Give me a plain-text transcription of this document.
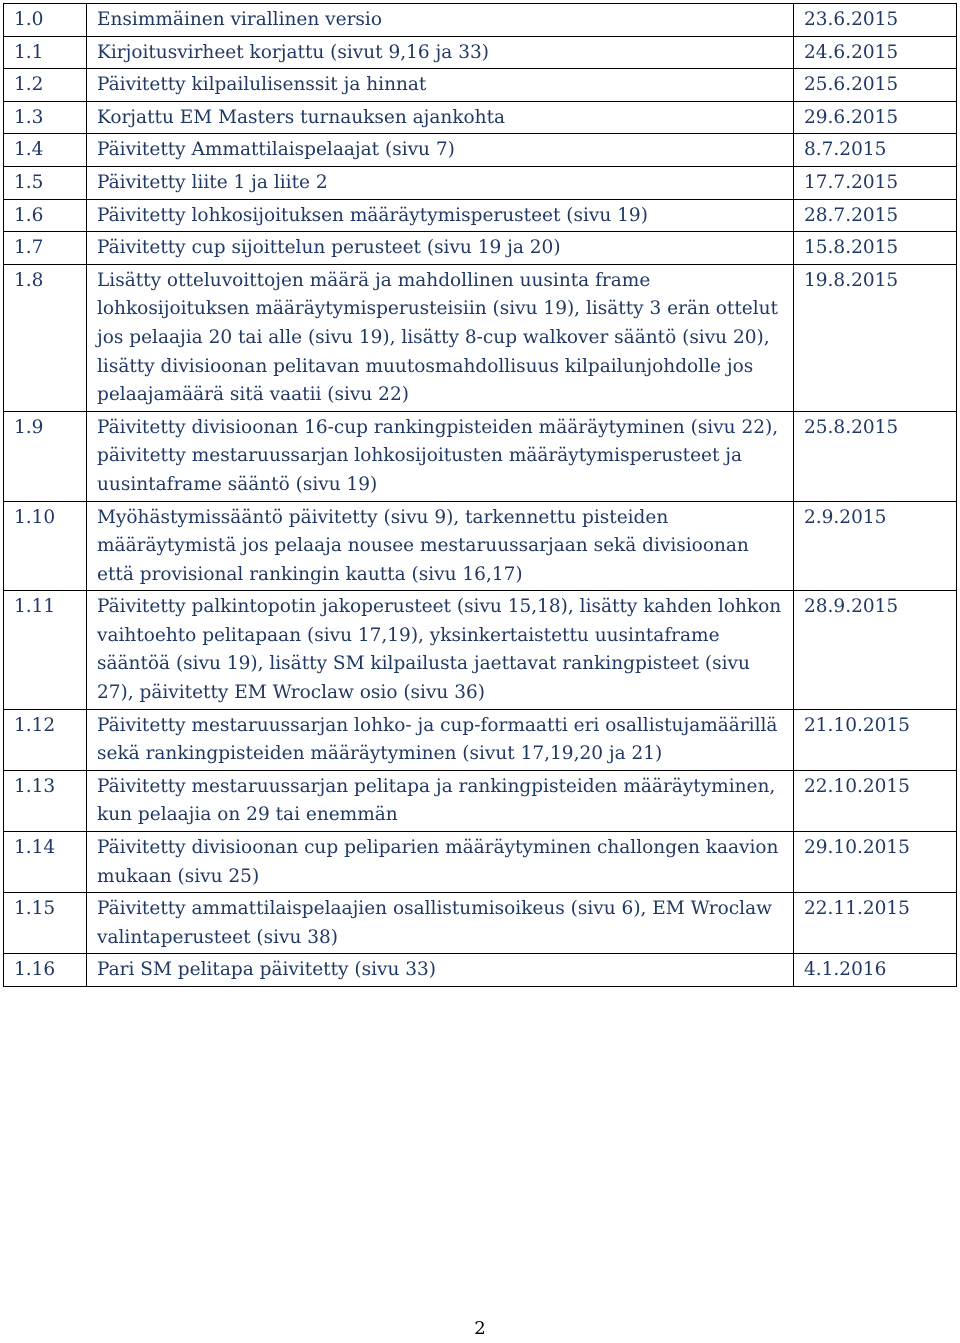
1.0	Ensimmäinen virallinen versio	23.6.2015
1.1	Kirjoitusvirheet korjattu (sivut 9,16 ja 33)	24.6.2015
1.2	Päivitetty kilpailulisenssit ja hinnat	25.6.2015
1.3	Korjattu EM Masters turnauksen ajankohta	29.6.2015
1.4	Päivitetty Ammattilaispelaajat (sivu 7)	8.7.2015
1.5	Päivitetty liite 1 ja liite 2	17.7.2015
1.6	Päivitetty lohkosijoituksen määräytymisperusteet (sivu 19)	28.7.2015
1.7	Päivitetty cup sijoittelun perusteet (sivu 19 ja 20)	15.8.2015
1.8	Lisätty otteluvoittojen määrä ja mahdollinen uusinta frame lohkosijoituksen määräytymisperusteisiin (sivu 19), lisätty 3 erän ottelut jos pelaajia 20 tai alle (sivu 19), lisätty 8-cup walkover sääntö (sivu 20), lisätty divisioonan pelitavan muutosmahdollisuus kilpailunjohdolle jos pelaajamäärä sitä vaatii (sivu 22)	19.8.2015
1.9	Päivitetty divisioonan 16-cup rankingpisteiden määräytyminen (sivu 22), päivitetty mestaruussarjan lohkosijoitusten määräytymisperusteet ja uusintaframe sääntö (sivu 19)	25.8.2015
1.10	Myöhästymissääntö päivitetty (sivu 9), tarkennettu pisteiden määräytymistä jos pelaaja nousee mestaruussarjaan sekä divisioonan että provisional rankingin kautta (sivu 16,17)	2.9.2015
1.11	Päivitetty palkintopotin jakoperusteet (sivu 15,18), lisätty kahden lohkon vaihtoehto pelitapaan (sivu 17,19), yksinkertaistettu uusintaframe sääntöä (sivu 19), lisätty SM kilpailusta jaettavat rankingpisteet (sivu 27), päivitetty EM Wroclaw osio (sivu 36)	28.9.2015
1.12	Päivitetty mestaruussarjan lohko- ja cup-formaatti eri osallistujamäärillä sekä rankingpisteiden määräytyminen (sivut 17,19,20 ja 21)	21.10.2015
1.13	Päivitetty mestaruussarjan pelitapa ja rankingpisteiden määräytyminen, kun pelaajia on 29 tai enemmän	22.10.2015
1.14	Päivitetty divisioonan cup peliparien määräytyminen challongen kaavion mukaan (sivu 25)	29.10.2015
1.15	Päivitetty ammattilaispelaajien osallistumisoikeus (sivu 6), EM Wroclaw valintaperusteet (sivu 38)	22.11.2015
1.16	Pari SM pelitapa päivitetty (sivu 33)	4.1.2016
2
